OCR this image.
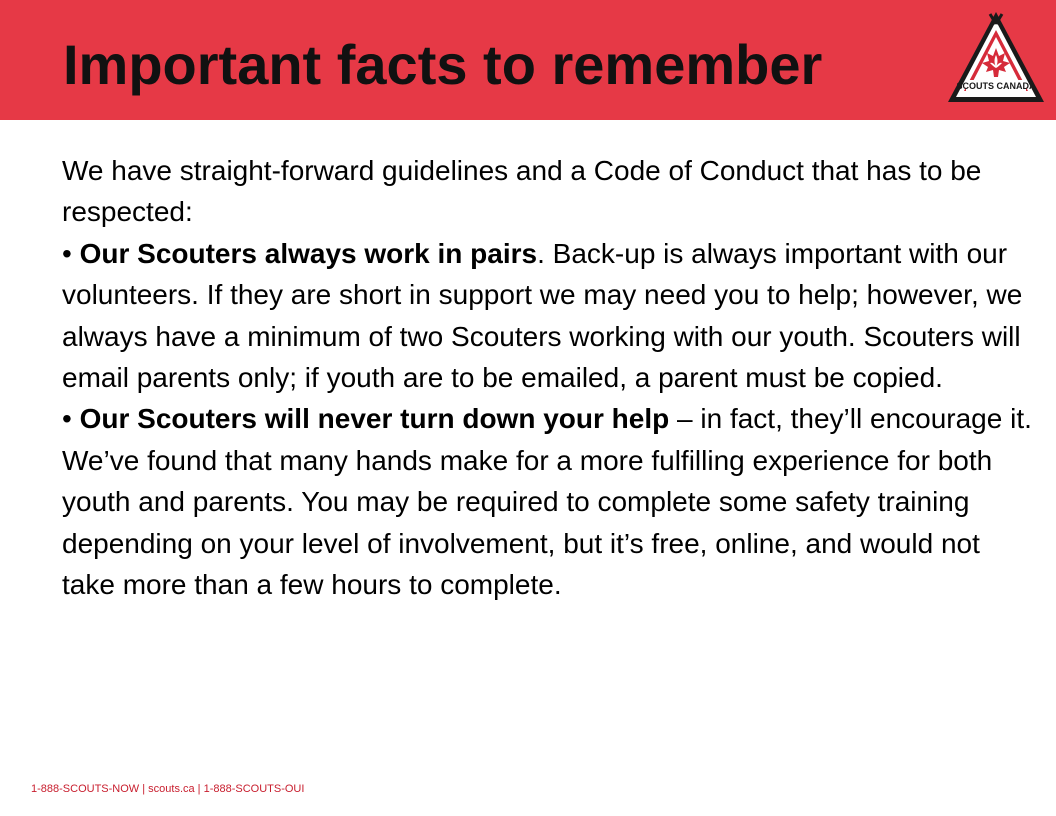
Important facts to remember	SCOUTS CANADA

We have straight-forward guidelines and a Code of Conduct that has to be respected:

• Our Scouters always work in pairs. Back-up is always important with our volunteers. If they are short in support we may need you to help; however, we always have a minimum of two Scouters working with our youth. Scouters will email parents only; if youth are to be emailed, a parent must be copied.

• Our Scouters will never turn down your help – in fact, they’ll encourage it. We’ve found that many hands make for a more fulfilling experience for both youth and parents. You may be required to complete some safety training depending on your level of involvement, but it’s free, online, and would not take more than a few hours to complete.

1-888-SCOUTS-NOW | scouts.ca | 1-888-SCOUTS-OUI
